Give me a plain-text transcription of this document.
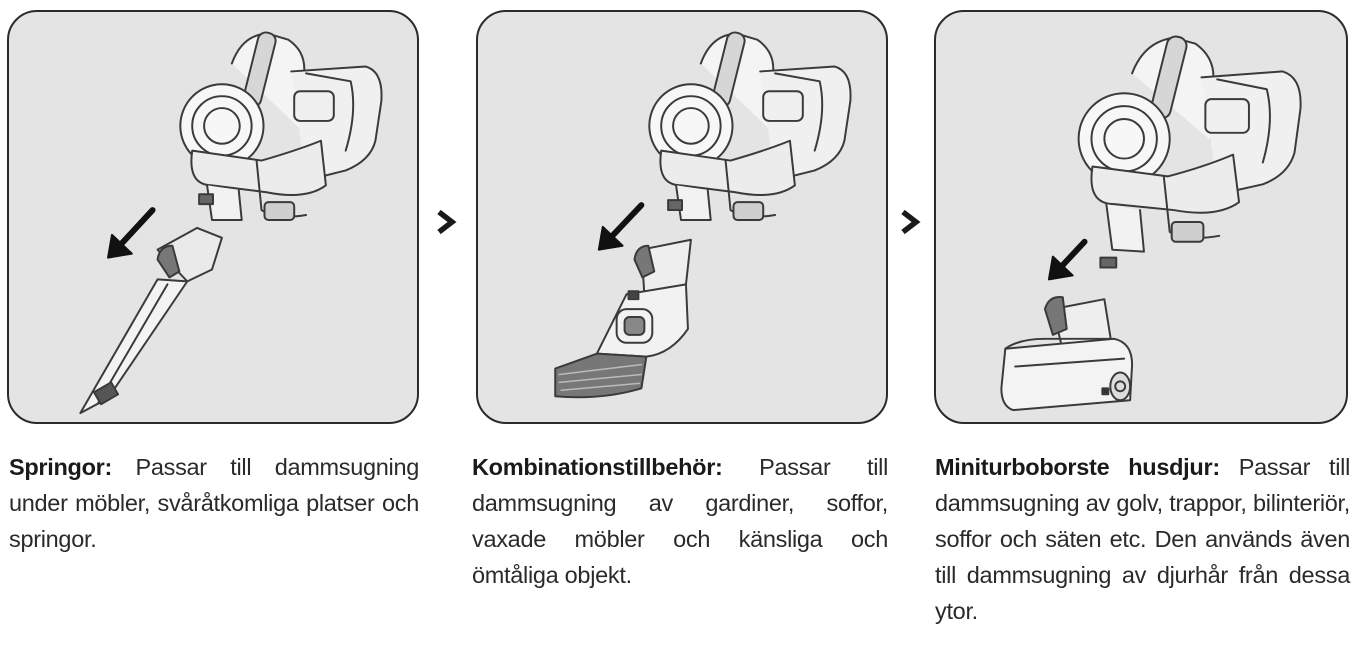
Springor: Passar till dammsugning under möbler, svåråtkomliga platser och springor.
Kombinationstillbehör: Passar till dammsugning av gardiner, soffor, vaxade möbler och känsliga och ömtåliga objekt.
Miniturboborste husdjur: Passar till dammsugning av golv, trappor, bilinteriör, soffor och säten etc. Den används även till dammsugning av djurhår från dessa ytor.
